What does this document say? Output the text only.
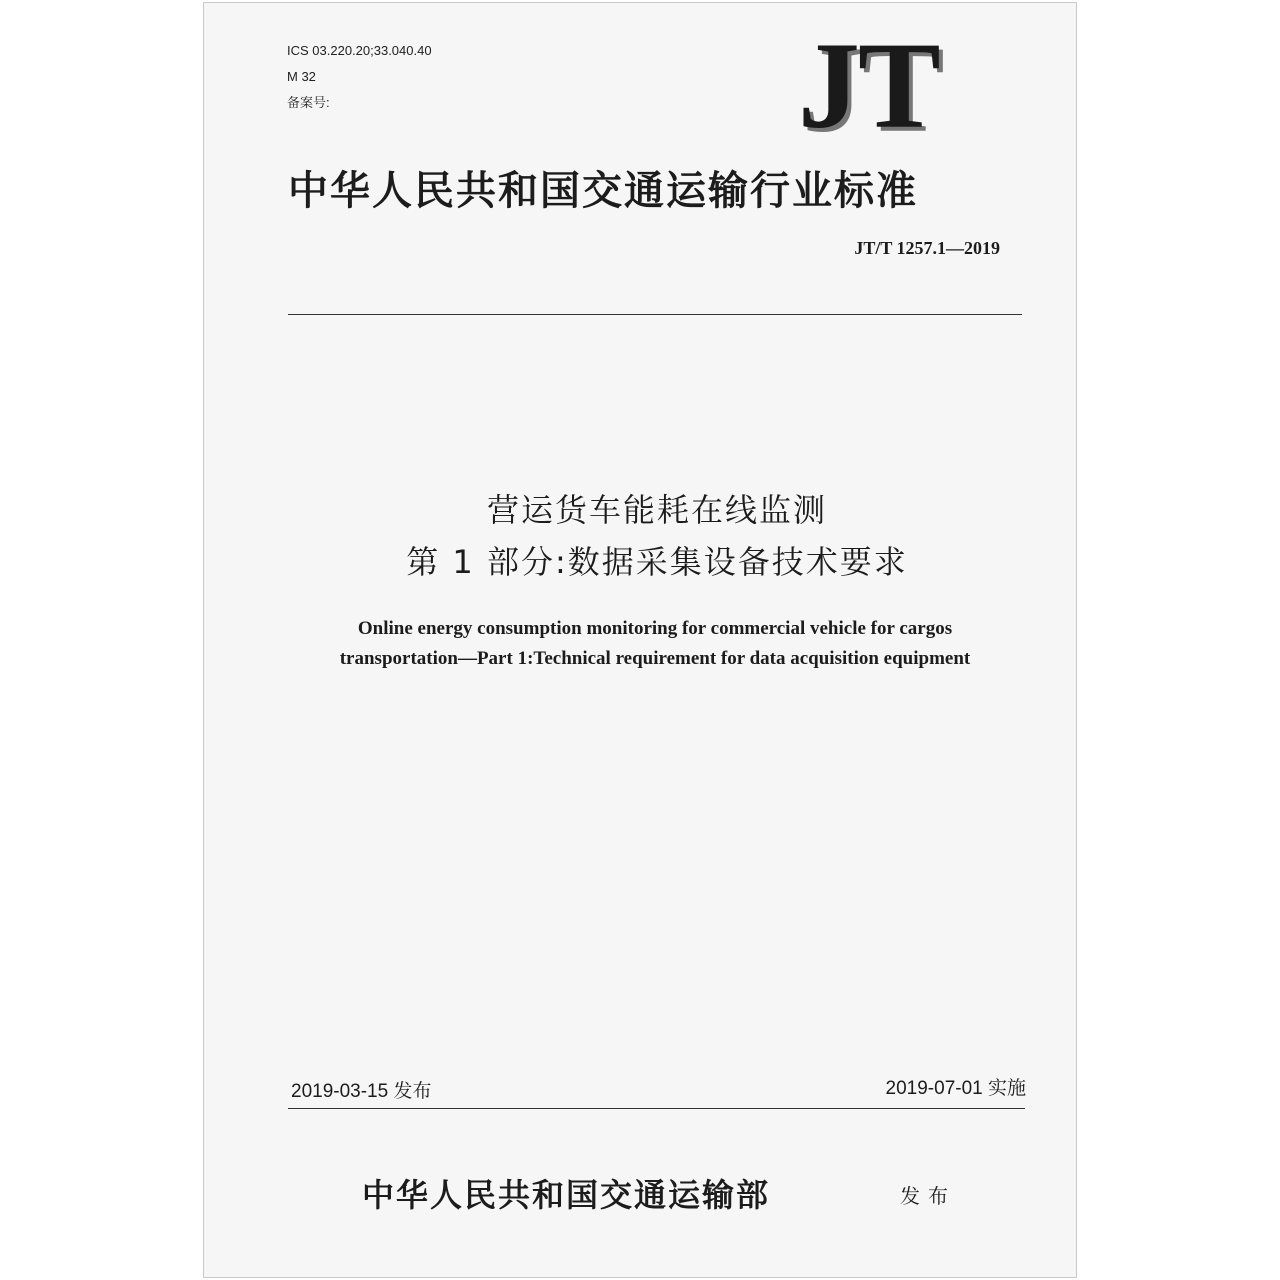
ICS 03.220.20;33.040.40
M 32
备案号:	JT
中华人民共和国交通运输行业标准
JT/T 1257.1—2019
营运货车能耗在线监测
第 1 部分:数据采集设备技术要求
Online energy consumption monitoring for commercial vehicle for cargos
transportation—Part 1:Technical requirement for data acquisition equipment
2019-03-15 发布	2019-07-01 实施
中华人民共和国交通运输部	发布
